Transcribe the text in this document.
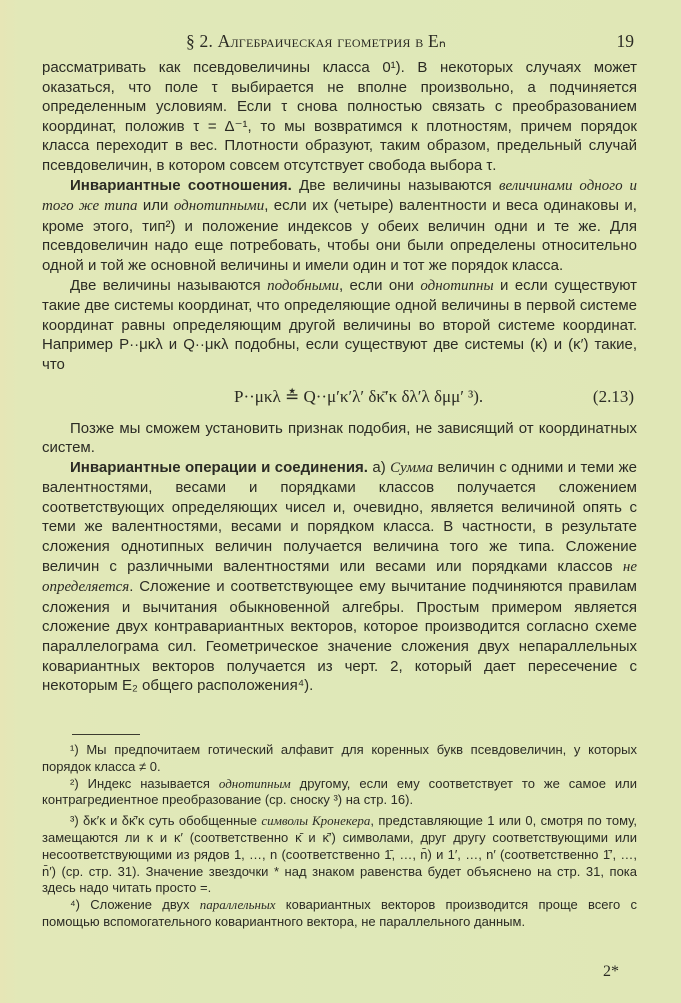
§ 2. Алгебраическая геометрия в Eₙ	19

рассматривать как псевдовеличины класса 0¹). В некоторых случаях может оказаться, что поле τ выбирается не вполне произвольно, а подчиняется определенным условиям. Если τ снова полностью связать с преобразованием координат, положив τ = Δ⁻¹, то мы возвратимся к плотностям, причем порядок класса переходит в вес. Плотности образуют, таким образом, предельный случай псевдовеличин, в котором совсем отсутствует свобода выбора τ.

Инвариантные соотношения. Две величины называются величинами одного и того же типа или однотипными, если их (четыре) валентности и веса одинаковы и, кроме этого, тип²) и положение индексов у обеих величин одни и те же. Для псевдовеличин надо еще потребовать, чтобы они были определены относительно одной и той же основной величины и имели один и тот же порядок класса.

Две величины называются подобными, если они однотипны и если существуют такие две системы координат, что определяющие одной величины в первой системе координат равны определяющим другой величины во второй системе координат. Например P··μκλ и Q··μκλ подобны, если существуют две системы (κ) и (κ′) такие, что

P··μκλ ≛ Q··μ′κ′λ′ δκ̄′κ δλ′λ δμμ′ ³).	(2.13)

Позже мы сможем установить признак подобия, не зависящий от координатных систем.

Инвариантные операции и соединения. а) Сумма величин с одними и теми же валентностями, весами и порядками классов получается сложением соответствующих определяющих чисел и, очевидно, является величиной опять с теми же валентностями, весами и порядком класса. В частности, в результате сложения однотипных величин получается величина того же типа. Сложение величин с различными валентностями или весами или порядками классов не определяется. Сложение и соответствующее ему вычитание подчиняются правилам сложения и вычитания обыкновенной алгебры. Простым примером является сложение двух контравариантных векторов, которое производится согласно схеме параллелограма сил. Геометрическое значение сложения двух непараллельных ковариантных векторов получается из черт. 2, который дает пересечение с некоторым E₂ общего расположения⁴).

¹) Мы предпочитаем готический алфавит для коренных букв псевдовеличин, у которых порядок класса ≠ 0.

²) Индекс называется однотипным другому, если ему соответствует то же самое или контрагредиентное преобразование (ср. сноску ³) на стр. 16).

³) δκ′κ и δκ̄′κ суть обобщенные символы Кронекера, представляющие 1 или 0, смотря по тому, замещаются ли κ и κ′ (соответственно κ̄ и κ̄′) символами, друг другу соответствующими или несоответствующими из рядов 1, …, n (соответственно 1̄, …, n̄) и 1′, …, n′ (соответственно 1̄′, …, n̄′) (ср. стр. 31). Значение звездочки * над знаком равенства будет объяснено на стр. 31, пока здесь надо читать просто =.

⁴) Сложение двух параллельных ковариантных векторов производится проще всего с помощью вспомогательного ковариантного вектора, не параллельного данным.

2*
